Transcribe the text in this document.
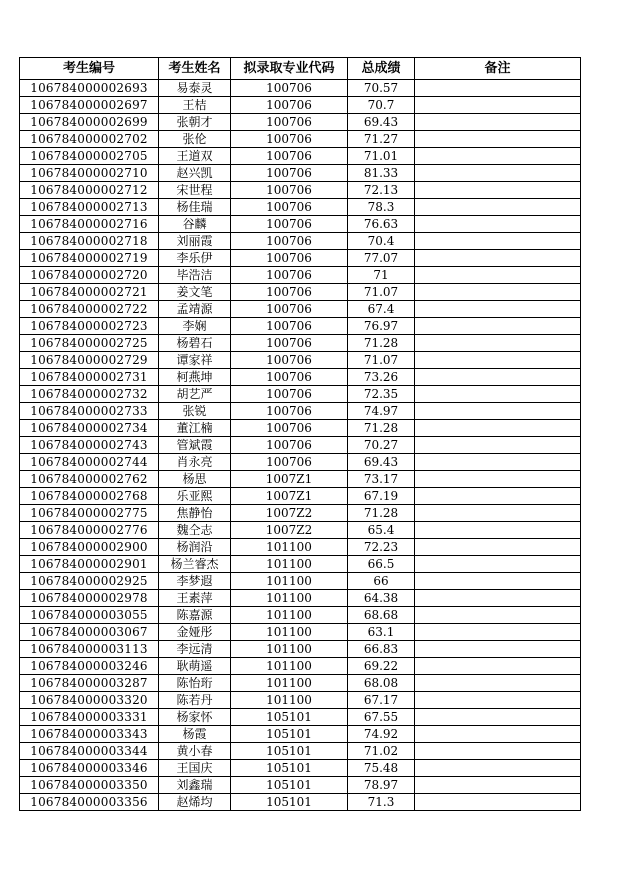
考生编号	考生姓名	拟录取专业代码	总成绩	备注
106784000002693	易泰灵	100706	70.57	
106784000002697	王桔	100706	70.7	
106784000002699	张朝才	100706	69.43	
106784000002702	张伦	100706	71.27	
106784000002705	王道双	100706	71.01	
106784000002710	赵兴凯	100706	81.33	
106784000002712	宋世程	100706	72.13	
106784000002713	杨佳瑞	100706	78.3	
106784000002716	谷麟	100706	76.63	
106784000002718	刘丽霞	100706	70.4	
106784000002719	李乐伊	100706	77.07	
106784000002720	毕浩洁	100706	71	
106784000002721	姜文笔	100706	71.07	
106784000002722	孟靖源	100706	67.4	
106784000002723	李娴	100706	76.97	
106784000002725	杨碧石	100706	71.28	
106784000002729	谭家祥	100706	71.07	
106784000002731	柯燕坤	100706	73.26	
106784000002732	胡艺严	100706	72.35	
106784000002733	张锐	100706	74.97	
106784000002734	董江楠	100706	71.28	
106784000002743	管斌霞	100706	70.27	
106784000002744	肖永亮	100706	69.43	
106784000002762	杨思	1007Z1	73.17	
106784000002768	乐亚熙	1007Z1	67.19	
106784000002775	焦静怡	1007Z2	71.28	
106784000002776	魏仝志	1007Z2	65.4	
106784000002900	杨润沿	101100	72.23	
106784000002901	杨兰睿杰	101100	66.5	
106784000002925	李梦遐	101100	66	
106784000002978	王素萍	101100	64.38	
106784000003055	陈嘉源	101100	68.68	
106784000003067	金娅彤	101100	63.1	
106784000003113	李远清	101100	66.83	
106784000003246	耿萌遥	101100	69.22	
106784000003287	陈怡珩	101100	68.08	
106784000003320	陈若丹	101100	67.17	
106784000003331	杨家怀	105101	67.55	
106784000003343	杨霞	105101	74.92	
106784000003344	黄小春	105101	71.02	
106784000003346	王国庆	105101	75.48	
106784000003350	刘鑫瑞	105101	78.97	
106784000003356	赵烯均	105101	71.3	
